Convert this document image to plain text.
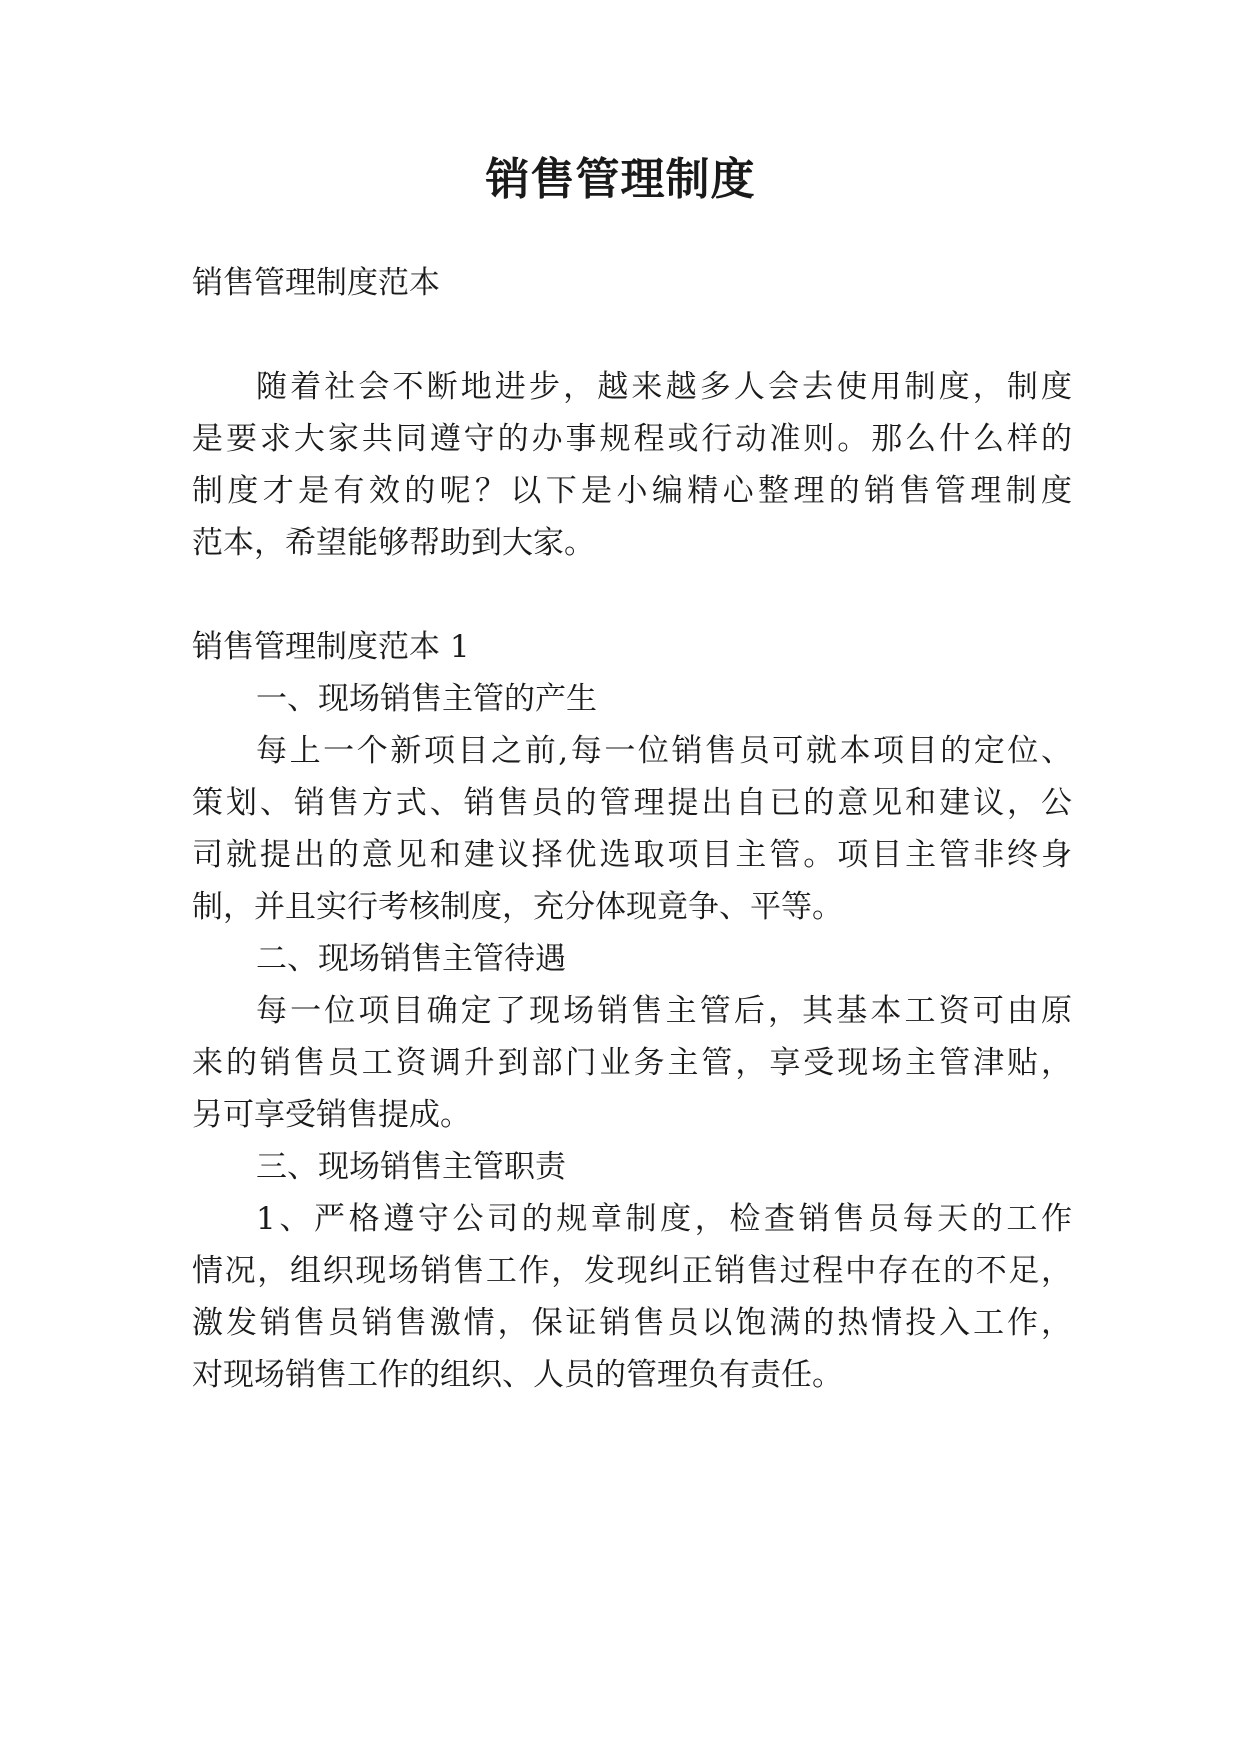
销售管理制度

销售管理制度范本

随着社会不断地进步，越来越多人会去使用制度，制度

是要求大家共同遵守的办事规程或行动准则。那么什么样的

制度才是有效的呢？以下是小编精心整理的销售管理制度

范本，希望能够帮助到大家。

销售管理制度范本 1

一、现场销售主管的产生

每上一个新项目之前,每一位销售员可就本项目的定位、

策划、销售方式、销售员的管理提出自已的意见和建议，公

司就提出的意见和建议择优选取项目主管。项目主管非终身

制，并且实行考核制度，充分体现竟争、平等。

二、现场销售主管待遇

每一位项目确定了现场销售主管后，其基本工资可由原

来的销售员工资调升到部门业务主管，享受现场主管津贴，

另可享受销售提成。

三、现场销售主管职责

1、严格遵守公司的规章制度，检查销售员每天的工作

情况，组织现场销售工作，发现纠正销售过程中存在的不足，

激发销售员销售激情，保证销售员以饱满的热情投入工作，

对现场销售工作的组织、人员的管理负有责任。
